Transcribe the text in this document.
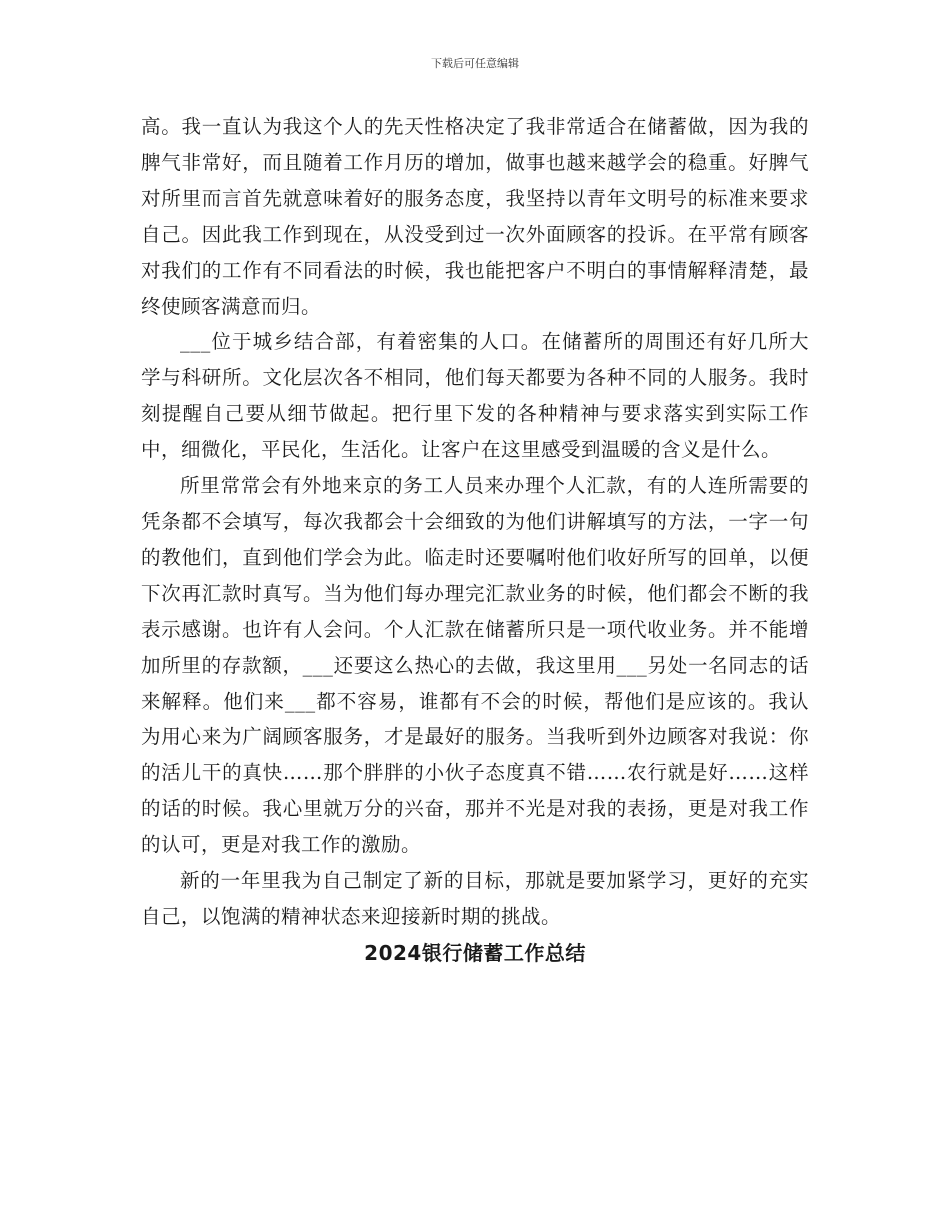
下载后可任意编辑

高。我一直认为我这个人的先天性格决定了我非常适合在储蓄做，因为我的脾气非常好，而且随着工作月历的增加，做事也越来越学会的稳重。好脾气对所里而言首先就意味着好的服务态度，我坚持以青年文明号的标准来要求自己。因此我工作到现在，从没受到过一次外面顾客的投诉。在平常有顾客对我们的工作有不同看法的时候，我也能把客户不明白的事情解释清楚，最终使顾客满意而归。

___位于城乡结合部，有着密集的人口。在储蓄所的周围还有好几所大学与科研所。文化层次各不相同，他们每天都要为各种不同的人服务。我时刻提醒自己要从细节做起。把行里下发的各种精神与要求落实到实际工作中，细微化，平民化，生活化。让客户在这里感受到温暖的含义是什么。

所里常常会有外地来京的务工人员来办理个人汇款，有的人连所需要的凭条都不会填写，每次我都会十会细致的为他们讲解填写的方法，一字一句的教他们，直到他们学会为此。临走时还要嘱咐他们收好所写的回单，以便下次再汇款时真写。当为他们每办理完汇款业务的时候，他们都会不断的我表示感谢。也许有人会问。个人汇款在储蓄所只是一项代收业务。并不能增加所里的存款额，___还要这么热心的去做，我这里用___另处一名同志的话来解释。他们来___都不容易，谁都有不会的时候，帮他们是应该的。我认为用心来为广阔顾客服务，才是最好的服务。当我听到外边顾客对我说：你的活儿干的真快……那个胖胖的小伙子态度真不错……农行就是好……这样的话的时候。我心里就万分的兴奋，那并不光是对我的表扬，更是对我工作的认可，更是对我工作的激励。

新的一年里我为自己制定了新的目标，那就是要加紧学习，更好的充实自己，以饱满的精神状态来迎接新时期的挑战。

2024银行储蓄工作总结
